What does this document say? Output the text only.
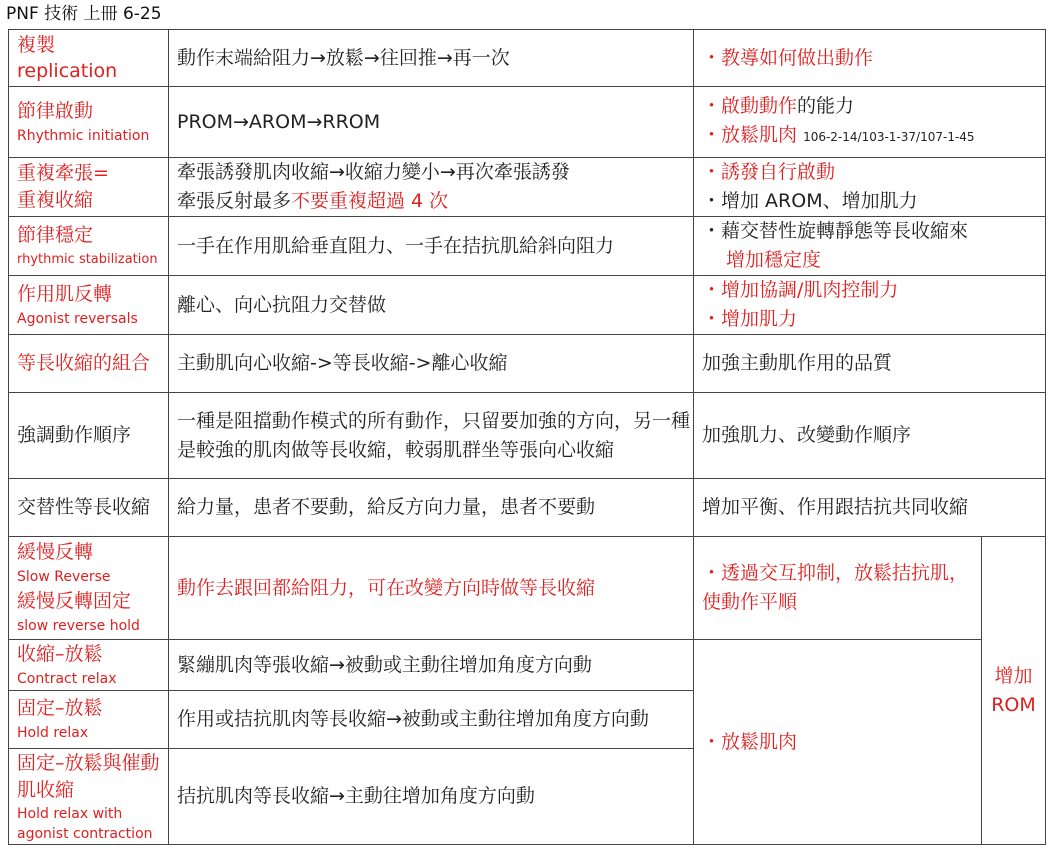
PNF 技術 上冊 6-25
複製
replication	動作末端給阻力→放鬆→往回推→再一次	・教導如何做出動作	

節律啟動
Rhythmic initiation	PROM→AROM→RROM	・啟動動作的能力
・放鬆肌肉 106-2-14/103-1-37/107-1-45	

重複牽張=
重複收縮	牽張誘發肌肉收縮→收縮力變小→再次牽張誘發
牽張反射最多不要重複超過 4 次	・誘發自行啟動
・增加 AROM、增加肌力	

節律穩定
rhythmic stabilization	一手在作用肌給垂直阻力、一手在拮抗肌給斜向阻力	・藉交替性旋轉靜態等長收縮來
增加穩定度	

作用肌反轉
Agonist reversals	離心、向心抗阻力交替做	・增加協調/肌肉控制力
・增加肌力	

等長收縮的組合	主動肌向心收縮->等長收縮->離心收縮	加強主動肌作用的品質	

強調動作順序	一種是阻擋動作模式的所有動作，只留要加強的方向，另一種是較強的肌肉做等長收縮，較弱肌群坐等張向心收縮	加強肌力、改變動作順序	

交替性等長收縮	給力量，患者不要動，給反方向力量，患者不要動	增加平衡、作用跟拮抗共同收縮	

緩慢反轉
Slow Reverse
緩慢反轉固定
slow reverse hold	動作去跟回都給阻力，可在改變方向時做等長收縮	・透過交互抑制，放鬆拮抗肌，使動作平順	增加ROM

收縮–放鬆
Contract relax	緊繃肌肉等張收縮→被動或主動往增加角度方向動	・放鬆肌肉	

固定–放鬆
Hold relax	作用或拮抗肌肉等長收縮→被動或主動往增加角度方向動		

固定–放鬆與催動肌收縮
Hold relax with agonist contraction	拮抗肌肉等長收縮→主動往增加角度方向動		
